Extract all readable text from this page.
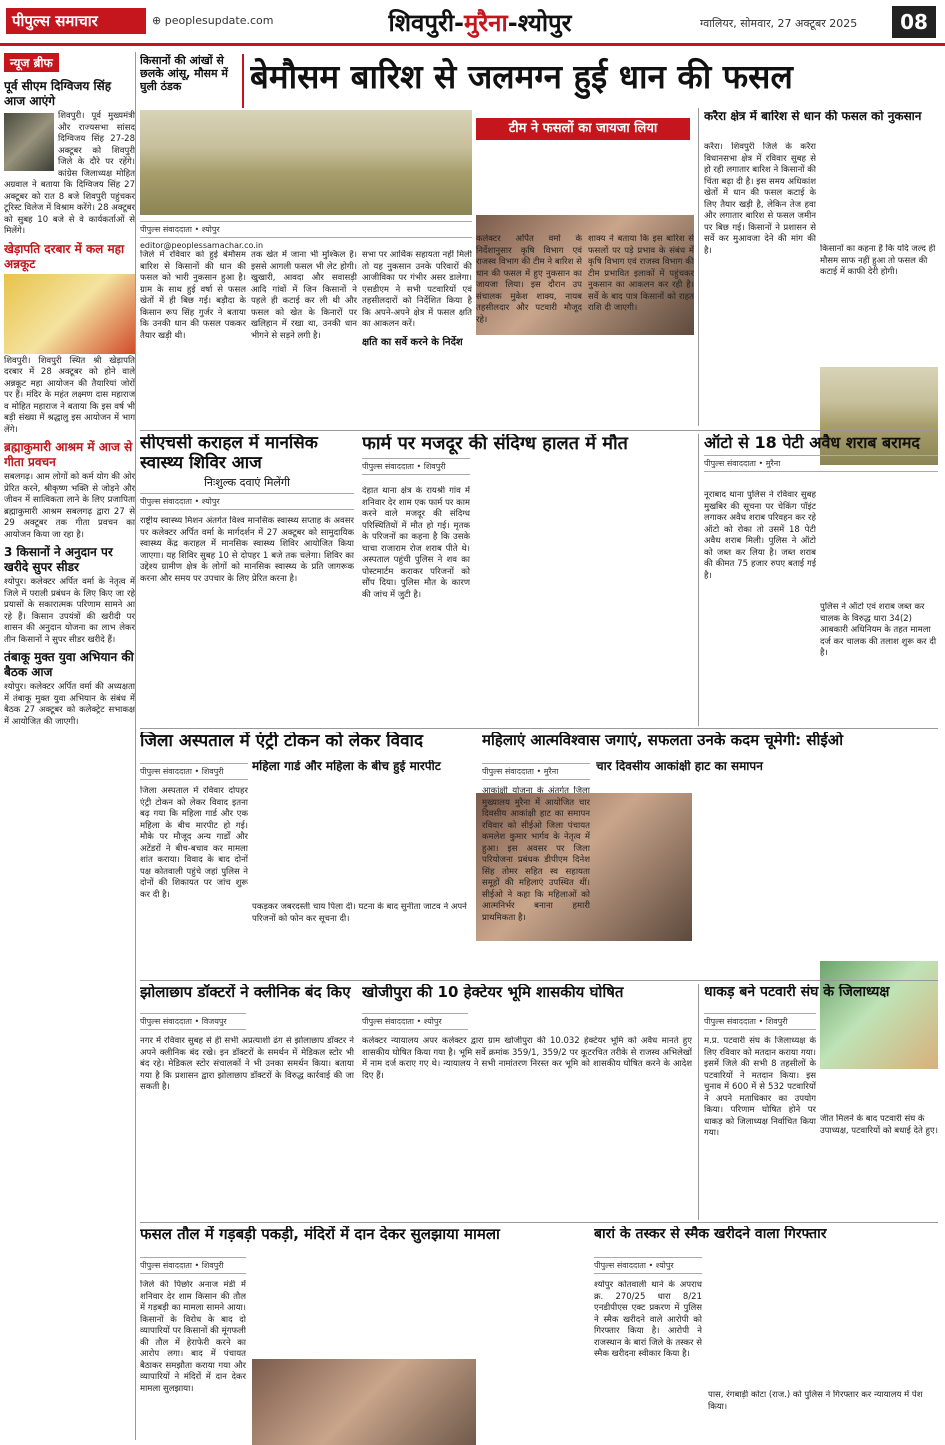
पीपुल्स समाचार	⊕ peoplesupdate.com	शिवपुरी-मुरैना-श्योपुर	ग्वालियर, सोमवार, 27 अक्टूबर 2025	08
न्यूज ब्रीफ
पूर्व सीएम दिग्विजय सिंह आज आएंगे
शिवपुरी। पूर्व मुख्यमंत्री और राज्यसभा सांसद दिग्विजय सिंह 27-28 अक्टूबर को शिवपुरी जिले के दौरे पर रहेंगे। कांग्रेस जिलाध्यक्ष मोहित अग्रवाल ने बताया कि दिग्विजय सिंह 27 अक्टूबर को रात 8 बजे शिवपुरी पहुंचकर टूरिस्ट विलेज में विश्राम करेंगे। 28 अक्टूबर को सुबह 10 बजे से वे कार्यकर्ताओं से मिलेंगे।
खेड़ापति दरबार में कल महा अन्नकूट
शिवपुरी। शिवपुरी स्थित श्री खेड़ापति दरबार में 28 अक्टूबर को होने वाले अन्नकूट महा आयोजन की तैयारियां जोरों पर हैं। मंदिर के महंत लक्ष्मण दास महाराज व मोहित महाराज ने बताया कि इस वर्ष भी बड़ी संख्या में श्रद्धालु इस आयोजन में भाग लेंगे।
ब्रह्माकुमारी आश्रम में आज से गीता प्रवचन
सबलगढ़। आम लोगों को कर्म योग की ओर प्रेरित करने, श्रीकृष्ण भक्ति से जोड़ने और जीवन में सात्विकता लाने के लिए प्रजापिता ब्रह्माकुमारी आश्रम सबलगढ़ द्वारा 27 से 29 अक्टूबर तक गीता प्रवचन का आयोजन किया जा रहा है।
3 किसानों ने अनुदान पर खरीदे सुपर सीडर
श्योपुर। कलेक्टर अर्पित वर्मा के नेतृत्व में जिले में पराली प्रबंधन के लिए किए जा रहे प्रयासों के सकारात्मक परिणाम सामने आ रहे हैं। किसान उपयंत्रों की खरीदी पर शासन की अनुदान योजना का लाभ लेकर तीन किसानों ने सुपर सीडर खरीदे हैं।
तंबाकू मुक्त युवा अभियान की बैठक आज
श्योपुर। कलेक्टर अर्पित वर्मा की अध्यक्षता में तंबाकू मुक्त युवा अभियान के संबंध में बैठक 27 अक्टूबर को कलेक्ट्रेट सभाकक्ष में आयोजित की जाएगी।
किसानों की आंखों से छलके आंसू, मौसम में घुली ठंडक	बेमौसम बारिश से जलमग्न हुई धान की फसल
टीम ने फसलों का जायजा लिया
पीपुल्स संवाददाता • श्योपुर
editor@peoplessamachar.co.in
जिले में रविवार को हुई बेमौसम बारिश से किसानों की धान की फसल को भारी नुकसान हुआ है। ग्राम के साथ हुई वर्षा से फसल खेतों में ही बिछ गई। बड़ौदा के किसान रूप सिंह गुर्जर ने बताया कि उनकी धान की फसल पककर तैयार खड़ी थी।
तक खेत में जाना भी मुश्किल है। इससे आगली फसल भी लेट होगी। खुखारी, आवदा और सवासड़ी आदि गांवों में जिन किसानों ने पहले ही कटाई कर ली थी और फसल को खेत के किनारों पर खलिहान में रखा था, उनकी धान भीगने से सड़ने लगी है।
सभा पर आर्थिक सहायता नहीं मिली तो यह नुकसान उनके परिवारों की आजीविका पर गंभीर असर डालेगा। एसडीएम ने सभी पटवारियों एवं तहसीलदारों को निर्देशित किया है कि अपने-अपने क्षेत्र में फसल क्षति का आकलन करें।
क्षति का सर्वे करने के निर्देश
कलेक्टर अर्पित वर्मा के निर्देशानुसार कृषि विभाग एवं राजस्व विभाग की टीम ने बारिश से धान की फसल में हुए नुकसान का जायजा लिया। इस दौरान उप संचालक मुकेश शाक्य, नायब तहसीलदार और पटवारी मौजूद रहे।
शाक्य ने बताया कि इस बारिश से फसलों पर पड़े प्रभाव के संबंध में कृषि विभाग एवं राजस्व विभाग की टीम प्रभावित इलाकों में पहुंचकर नुकसान का आकलन कर रही है। सर्वे के बाद पात्र किसानों को राहत राशि दी जाएगी।
करैरा क्षेत्र में बारिश से धान की फसल को नुकसान
करैरा। शिवपुरी जिले के करैरा विधानसभा क्षेत्र में रविवार सुबह से हो रही लगातार बारिश ने किसानों की चिंता बढ़ा दी है। इस समय अधिकांश खेतों में धान की फसल कटाई के लिए तैयार खड़ी है, लेकिन तेज हवा और लगातार बारिश से फसल जमीन पर बिछ गई। किसानों ने प्रशासन से सर्वे कर मुआवजा देने की मांग की है।	किसानों का कहना है कि यदि जल्द ही मौसम साफ नहीं हुआ तो फसल की कटाई में काफी देरी होगी।
सीएचसी कराहल में मानसिक स्वास्थ्य शिविर आज
निःशुल्क दवाएं मिलेंगी
पीपुल्स संवाददाता • श्योपुर
राष्ट्रीय स्वास्थ्य मिशन अंतर्गत विश्व मानसिक स्वास्थ्य सप्ताह के अवसर पर कलेक्टर अर्पित वर्मा के मार्गदर्शन में 27 अक्टूबर को सामुदायिक स्वास्थ्य केंद्र कराहल में मानसिक स्वास्थ्य शिविर आयोजित किया जाएगा। यह शिविर सुबह 10 से दोपहर 1 बजे तक चलेगा। शिविर का उद्देश्य ग्रामीण क्षेत्र के लोगों को मानसिक स्वास्थ्य के प्रति जागरूक करना और समय पर उपचार के लिए प्रेरित करना है।
फार्म पर मजदूर की संदिग्ध हालत में मौत
पीपुल्स संवाददाता • शिवपुरी
देहात थाना क्षेत्र के रायश्री गांव में शनिवार देर शाम एक फार्म पर काम करने वाले मजदूर की संदिग्ध परिस्थितियों में मौत हो गई। मृतक के परिजनों का कहना है कि उसके चाचा राजाराम रोज शराब पीते थे। अस्पताल पहुंची पुलिस ने शव का पोस्टमार्टम कराकर परिजनों को सौंप दिया। पुलिस मौत के कारण की जांच में जुटी है।
ऑटो से 18 पेटी अवैध शराब बरामद
पीपुल्स संवाददाता • मुरैना
नूराबाद थाना पुलिस ने रविवार सुबह मुखबिर की सूचना पर चेकिंग पॉइंट लगाकर अवैध शराब परिवहन कर रहे ऑटो को रोका तो उसमें 18 पेटी अवैध शराब मिली। पुलिस ने ऑटो को जब्त कर लिया है। जब्त शराब की कीमत 75 हजार रुपए बताई गई है।
पुलिस ने ऑटो एवं शराब जब्त कर चालक के विरुद्ध धारा 34(2) आबकारी अधिनियम के तहत मामला दर्ज कर चालक की तलाश शुरू कर दी है।
जिला अस्पताल में एंट्री टोकन को लेकर विवाद
पीपुल्स संवाददाता • शिवपुरी
जिला अस्पताल में रविवार दोपहर एंट्री टोकन को लेकर विवाद इतना बढ़ गया कि महिला गार्ड और एक महिला के बीच मारपीट हो गई। मौके पर मौजूद अन्य गार्डों और अटेंडरों ने बीच-बचाव कर मामला शांत कराया। विवाद के बाद दोनों पक्ष कोतवाली पहुंचे जहां पुलिस ने दोनों की शिकायत पर जांच शुरू कर दी है।
महिला गार्ड और महिला के बीच हुई मारपीट
पकड़कर जबरदस्ती चाय पिला दी। घटना के बाद सुनीता जाटव ने अपने परिजनों को फोन कर सूचना दी।
महिलाएं आत्मविश्वास जगाएं, सफलता उनके कदम चूमेगी: सीईओ
पीपुल्स संवाददाता • मुरैना
आकांक्षी योजना के अंतर्गत जिला मुख्यालय मुरैना में आयोजित चार दिवसीय आकांक्षी हाट का समापन रविवार को सीईओ जिला पंचायत कमलेश कुमार भार्गव के नेतृत्व में हुआ। इस अवसर पर जिला परियोजना प्रबंधक डीपीएम दिनेश सिंह तोमर सहित स्व सहायता समूहों की महिलाएं उपस्थित थीं। सीईओ ने कहा कि महिलाओं को आत्मनिर्भर बनाना हमारी प्राथमिकता है।
चार दिवसीय आकांक्षी हाट का समापन
झोलाछाप डॉक्टरों ने क्लीनिक बंद किए
पीपुल्स संवाददाता • विजयपुर
नगर में रविवार सुबह से ही सभी अप्रत्याशी ढंग से झोलाछाप डॉक्टर ने अपने क्लीनिक बंद रखे। इन डॉक्टरों के समर्थन में मेडिकल स्टोर भी बंद रहे। मेडिकल स्टोर संचालकों ने भी उनका समर्थन किया। बताया गया है कि प्रशासन द्वारा झोलाछाप डॉक्टरों के विरुद्ध कार्रवाई की जा सकती है।
खोजीपुरा की 10 हेक्टेयर भूमि शासकीय घोषित
पीपुल्स संवाददाता • श्योपुर
कलेक्टर न्यायालय अपर कलेक्टर द्वारा ग्राम खोजीपुरा की 10.032 हेक्टेयर भूमि को अवैध मानते हुए शासकीय घोषित किया गया है। भूमि सर्वे क्रमांक 359/1, 359/2 पर कूटरचित तरीके से राजस्व अभिलेखों में नाम दर्ज कराए गए थे। न्यायालय ने सभी नामांतरण निरस्त कर भूमि को शासकीय घोषित करने के आदेश दिए हैं।
धाकड़ बने पटवारी संघ के जिलाध्यक्ष
पीपुल्स संवाददाता • शिवपुरी
म.प्र. पटवारी संघ के जिलाध्यक्ष के लिए रविवार को मतदान कराया गया। इसमें जिले की सभी 8 तहसीलों के पटवारियों ने मतदान किया। इस चुनाव में 600 में से 532 पटवारियों ने अपने मताधिकार का उपयोग किया। परिणाम घोषित होने पर धाकड़ को जिलाध्यक्ष निर्वाचित किया गया।
जीत मिलने के बाद पटवारी संघ के उपाध्यक्ष, पटवारियों को बधाई देते हुए।
फसल तौल में गड़बड़ी पकड़ी, मंदिरों में दान देकर सुलझाया मामला
पीपुल्स संवाददाता • शिवपुरी
जिले की पिछोर अनाज मंडी में शनिवार देर शाम किसान की तौल में गड़बड़ी का मामला सामने आया। किसानों के विरोध के बाद दो व्यापारियों पर किसानों की मूंगफली की तौल में हेराफेरी करने का आरोप लगा। बाद में पंचायत बैठाकर समझौता कराया गया और व्यापारियों ने मंदिरों में दान देकर मामला सुलझाया।
बारां के तस्कर से स्मैक खरीदने वाला गिरफ्तार
पीपुल्स संवाददाता • श्योपुर
श्योपुर कोतवाली थाने के अपराध क्र. 270/25 धारा 8/21 एनडीपीएस एक्ट प्रकरण में पुलिस ने स्मैक खरीदने वाले आरोपी को गिरफ्तार किया है। आरोपी ने राजस्थान के बारां जिले के तस्कर से स्मैक खरीदना स्वीकार किया है।
पास, रंगबाड़ी कोटा (राज.) को पुलिस ने गिरफ्तार कर न्यायालय में पेश किया।
